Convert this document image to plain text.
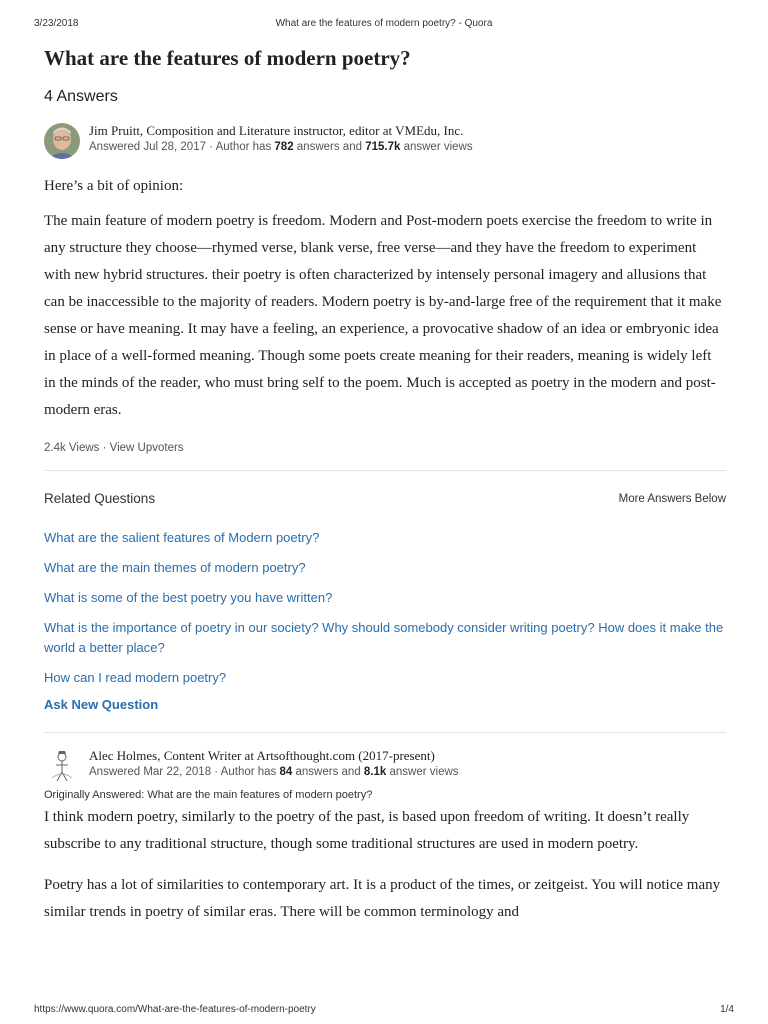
3/23/2018	What are the features of modern poetry? - Quora
What are the features of modern poetry?
4 Answers
Jim Pruitt, Composition and Literature instructor, editor at VMEdu, Inc.
Answered Jul 28, 2017 · Author has 782 answers and 715.7k answer views

Here’s a bit of opinion:

The main feature of modern poetry is freedom. Modern and Post-modern poets exercise the freedom to write in any structure they choose—rhymed verse, blank verse, free verse—and they have the freedom to experiment with new hybrid structures. their poetry is often characterized by intensely personal imagery and allusions that can be inaccessible to the majority of readers. Modern poetry is by-and-large free of the requirement that it make sense or have meaning. It may have a feeling, an experience, a provocative shadow of an idea or embryonic idea in place of a well-formed meaning. Though some poets create meaning for their readers, meaning is widely left in the minds of the reader, who must bring self to the poem. Much is accepted as poetry in the modern and post-modern eras.

2.4k Views · View Upvoters
Related Questions	More Answers Below
What are the salient features of Modern poetry?
What are the main themes of modern poetry?
What is some of the best poetry you have written?
What is the importance of poetry in our society? Why should somebody consider writing poetry? How does it make the world a better place?
How can I read modern poetry?
Ask New Question
Alec Holmes, Content Writer at Artsofthought.com (2017-present)
Answered Mar 22, 2018 · Author has 84 answers and 8.1k answer views
Originally Answered: What are the main features of modern poetry?

I think modern poetry, similarly to the poetry of the past, is based upon freedom of writing. It doesn’t really subscribe to any traditional structure, though some traditional structures are used in modern poetry.

Poetry has a lot of similarities to contemporary art. It is a product of the times, or zeitgeist. You will notice many similar trends in poetry of similar eras. There will be common terminology and

https://www.quora.com/What-are-the-features-of-modern-poetry	1/4
